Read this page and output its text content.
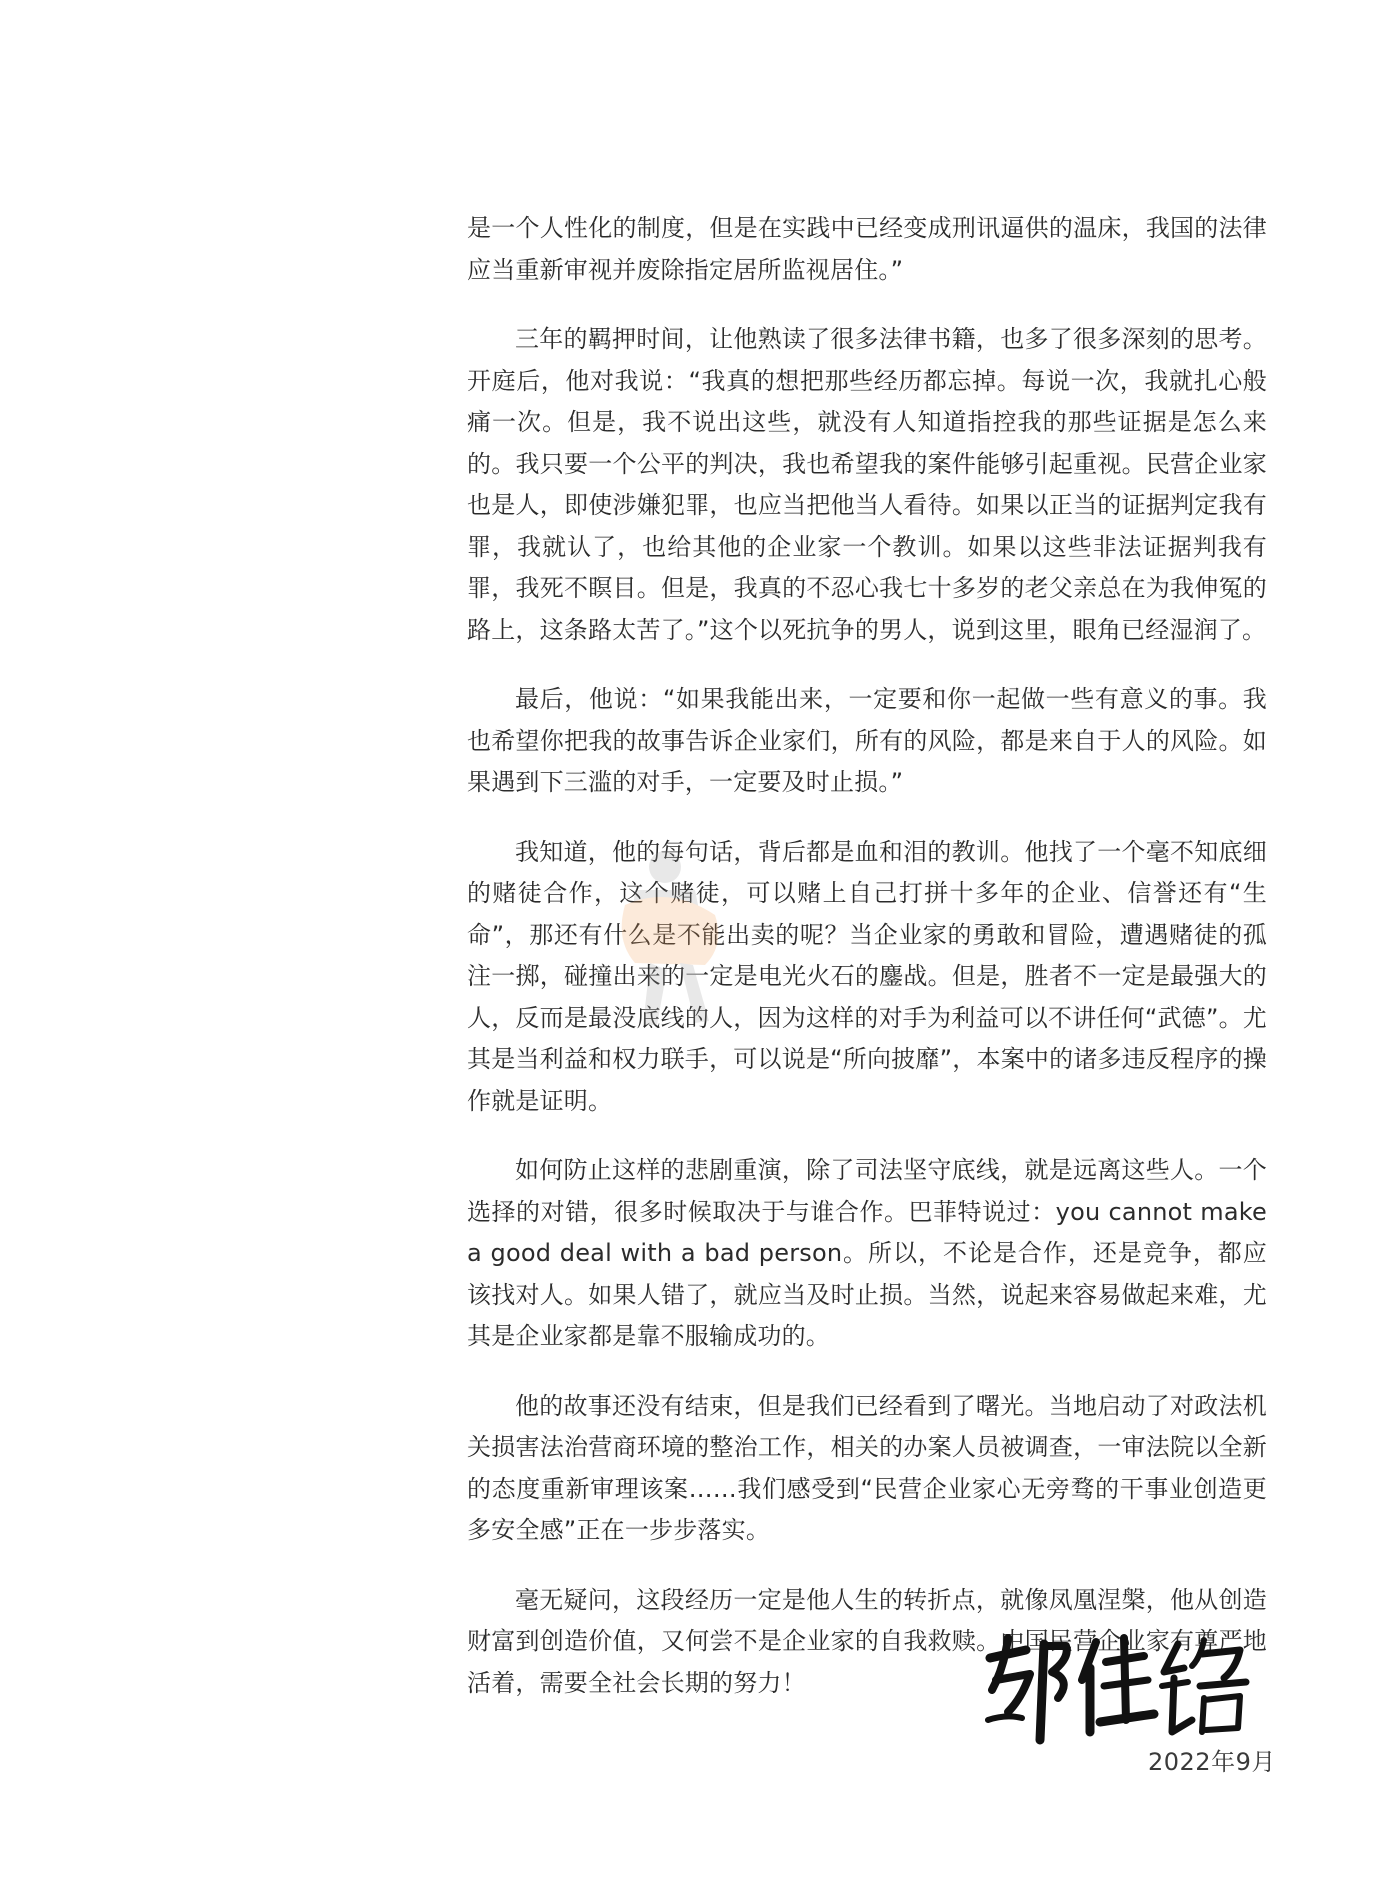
是一个人性化的制度，但是在实践中已经变成刑讯逼供的温床，我国的法律应当重新审视并废除指定居所监视居住。”

三年的羁押时间，让他熟读了很多法律书籍，也多了很多深刻的思考。开庭后，他对我说：“我真的想把那些经历都忘掉。每说一次，我就扎心般痛一次。但是，我不说出这些，就没有人知道指控我的那些证据是怎么来的。我只要一个公平的判决，我也希望我的案件能够引起重视。民营企业家也是人，即使涉嫌犯罪，也应当把他当人看待。如果以正当的证据判定我有罪，我就认了，也给其他的企业家一个教训。如果以这些非法证据判我有罪，我死不瞑目。但是，我真的不忍心我七十多岁的老父亲总在为我伸冤的路上，这条路太苦了。”这个以死抗争的男人，说到这里，眼角已经湿润了。

最后，他说：“如果我能出来，一定要和你一起做一些有意义的事。我也希望你把我的故事告诉企业家们，所有的风险，都是来自于人的风险。如果遇到下三滥的对手，一定要及时止损。”

我知道，他的每句话，背后都是血和泪的教训。他找了一个毫不知底细的赌徒合作，这个赌徒，可以赌上自己打拼十多年的企业、信誉还有“生命”，那还有什么是不能出卖的呢？当企业家的勇敢和冒险，遭遇赌徒的孤注一掷，碰撞出来的一定是电光火石的鏖战。但是，胜者不一定是最强大的人，反而是最没底线的人，因为这样的对手为利益可以不讲任何“武德”。尤其是当利益和权力联手，可以说是“所向披靡”，本案中的诸多违反程序的操作就是证明。

如何防止这样的悲剧重演，除了司法坚守底线，就是远离这些人。一个选择的对错，很多时候取决于与谁合作。巴菲特说过：you cannot make a good deal with a bad person。所以，不论是合作，还是竞争，都应该找对人。如果人错了，就应当及时止损。当然，说起来容易做起来难，尤其是企业家都是靠不服输成功的。

他的故事还没有结束，但是我们已经看到了曙光。当地启动了对政法机关损害法治营商环境的整治工作，相关的办案人员被调查，一审法院以全新的态度重新审理该案……我们感受到“民营企业家心无旁骛的干事业创造更多安全感”正在一步步落实。

毫无疑问，这段经历一定是他人生的转折点，就像凤凰涅槃，他从创造财富到创造价值，又何尝不是企业家的自我救赎。中国民营企业家有尊严地活着，需要全社会长期的努力！

2022年9月
